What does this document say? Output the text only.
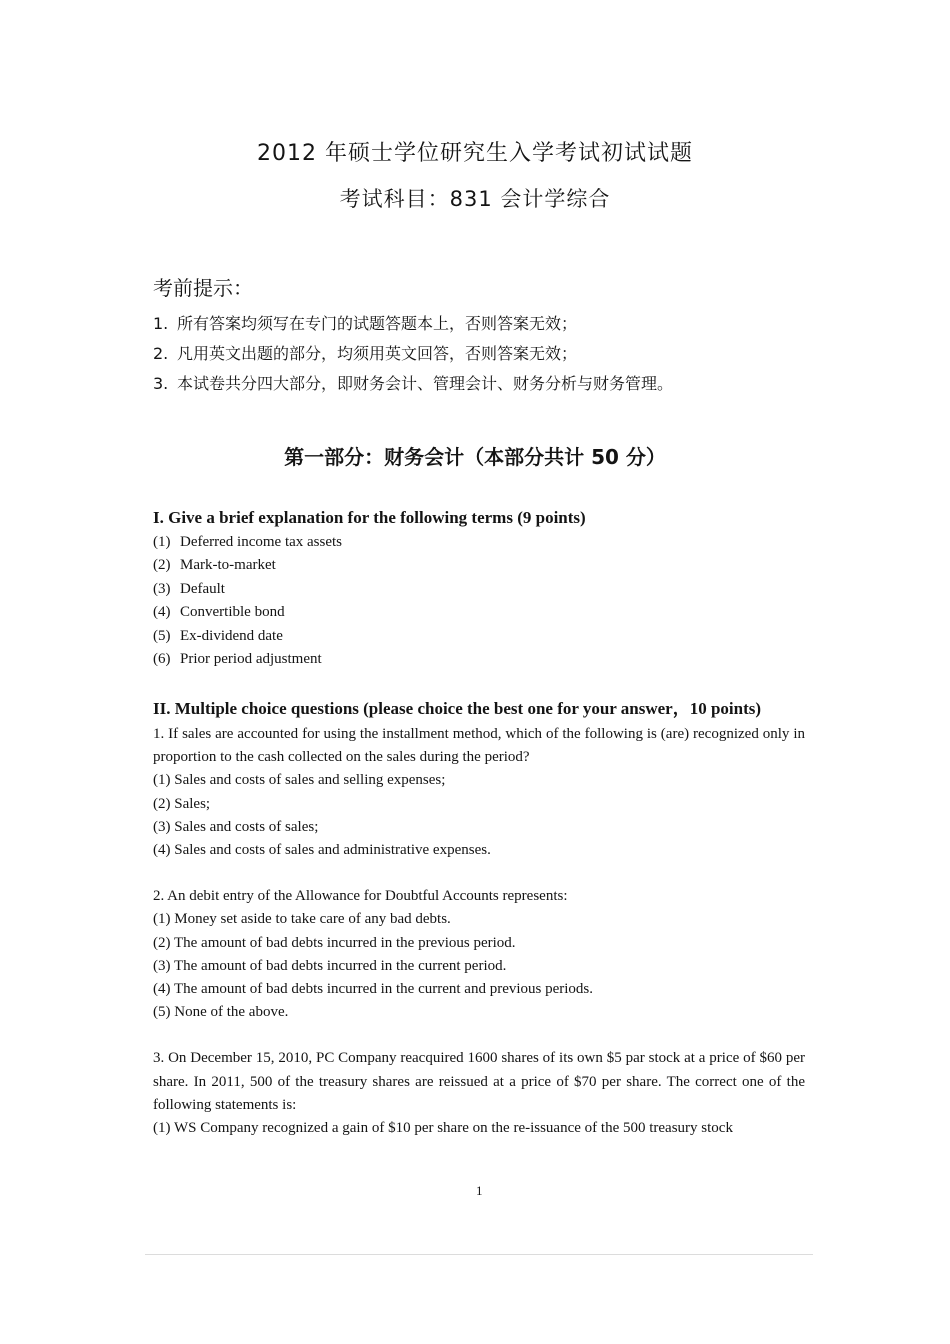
2012 年硕士学位研究生入学考试初试试题
考试科目：831 会计学综合
考前提示：
1. 所有答案均须写在专门的试题答题本上，否则答案无效；
2. 凡用英文出题的部分，均须用英文回答，否则答案无效；
3. 本试卷共分四大部分，即财务会计、管理会计、财务分析与财务管理。
第一部分：财务会计（本部分共计 50 分）
I. Give a brief explanation for the following terms (9 points)
(1) Deferred income tax assets
(2) Mark-to-market
(3) Default
(4) Convertible bond
(5) Ex-dividend date
(6) Prior period adjustment
II. Multiple choice questions (please choice the best one for your answer，10 points)
1. If sales are accounted for using the installment method, which of the following is (are) recognized only in proportion to the cash collected on the sales during the period?
(1) Sales and costs of sales and selling expenses;
(2) Sales;
(3) Sales and costs of sales;
(4) Sales and costs of sales and administrative expenses.
2. An debit entry of the Allowance for Doubtful Accounts represents:
(1) Money set aside to take care of any bad debts.
(2) The amount of bad debts incurred in the previous period.
(3) The amount of bad debts incurred in the current period.
(4) The amount of bad debts incurred in the current and previous periods.
(5) None of the above.
3. On December 15, 2010, PC Company reacquired 1600 shares of its own $5 par stock at a price of $60 per share. In 2011, 500 of the treasury shares are reissued at a price of $70 per share. The correct one of the following statements is:
(1) WS Company recognized a gain of $10 per share on the re-issuance of the 500 treasury stock
1
